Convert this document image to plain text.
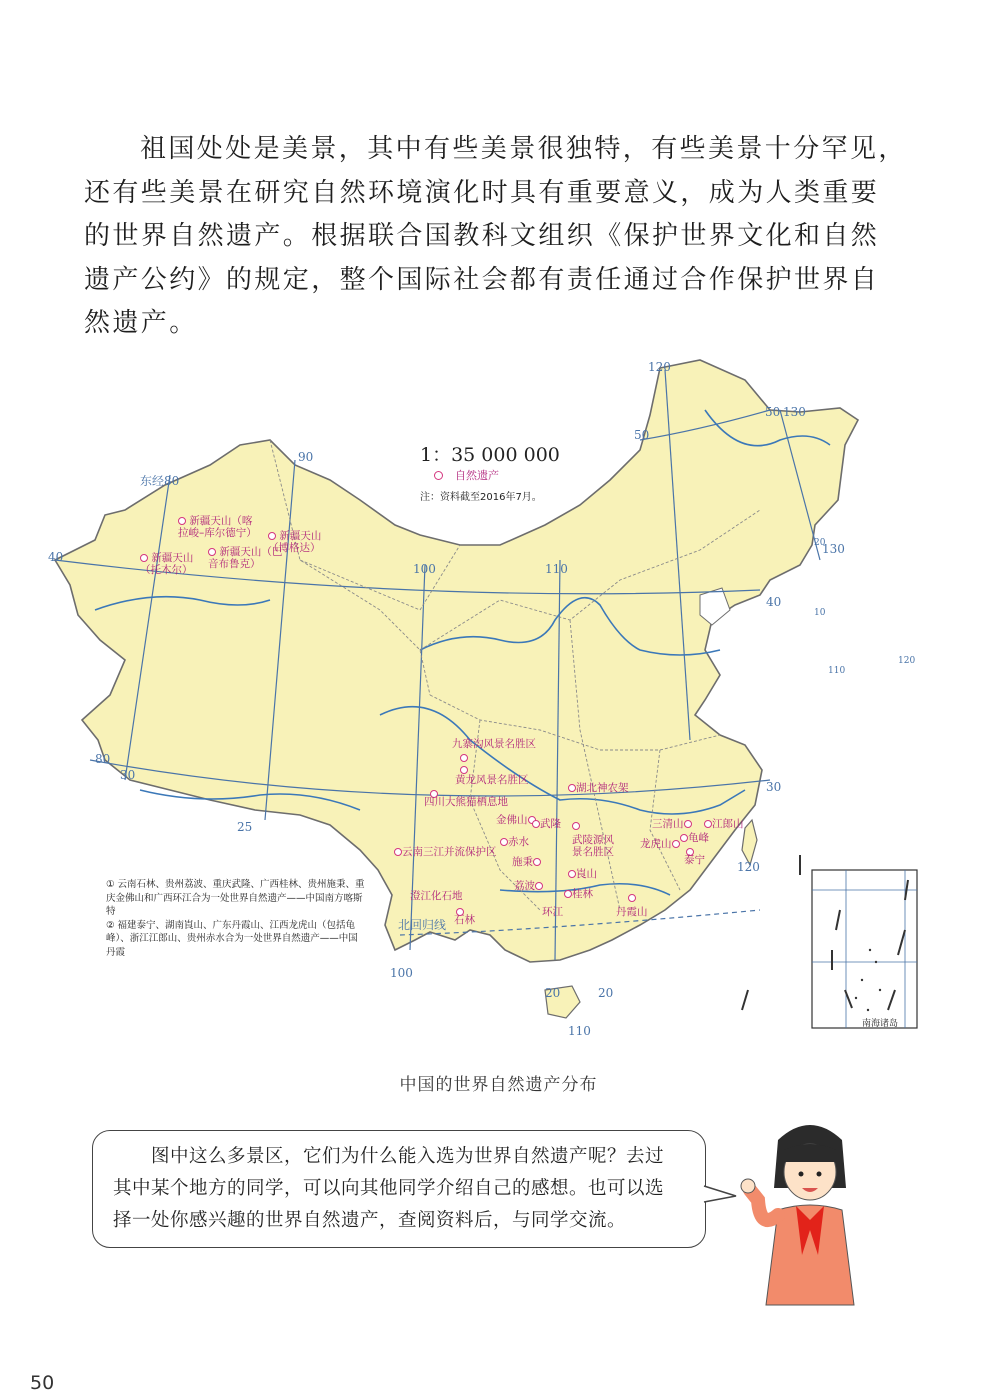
祖国处处是美景，其中有些美景很独特，有些美景十分罕见，
还有些美景在研究自然环境演化时具有重要意义，成为人类重要
的世界自然遗产。根据联合国教科文组织《保护世界文化和自然
遗产公约》的规定，整个国际社会都有责任通过合作保护世界自
然遗产。
东经80
90
100	110
120
130
50
50
40
40
30
30
80
25
130
120
100
20	20
110
北回归线
20
10
110
120
1：35 000 000
自然遗产
注：资料截至2016年7月。
新疆天山（喀拉峻–库尔德宁）	新疆天山（博格达）
新疆天山（巴音布鲁克）
新疆天山（托木尔）
九寨沟风景名胜区
黄龙风景名胜区
四川大熊猫栖息地
湖北神农架
金佛山	武隆
赤水	武陵源风景名胜区
云南三江并流保护区
施秉
崀山
荔波
桂林
澄江化石地
石林
环江	丹霞山
三清山	江郎山
龟峰
龙虎山
泰宁

① 云南石林、贵州荔波、重庆武隆、广西桂林、贵州施秉、重庆金佛山和广西环江合为一处世界自然遗产——中国南方喀斯特

② 福建泰宁、湖南崀山、广东丹霞山、江西龙虎山（包括龟峰）、浙江江郎山、贵州赤水合为一处世界自然遗产——中国丹霞

南海诸岛
中国的世界自然遗产分布
图中这么多景区，它们为什么能入选为世界自然遗产呢？去过
其中某个地方的同学，可以向其他同学介绍自己的感想。也可以选
择一处你感兴趣的世界自然遗产，查阅资料后，与同学交流。
50
